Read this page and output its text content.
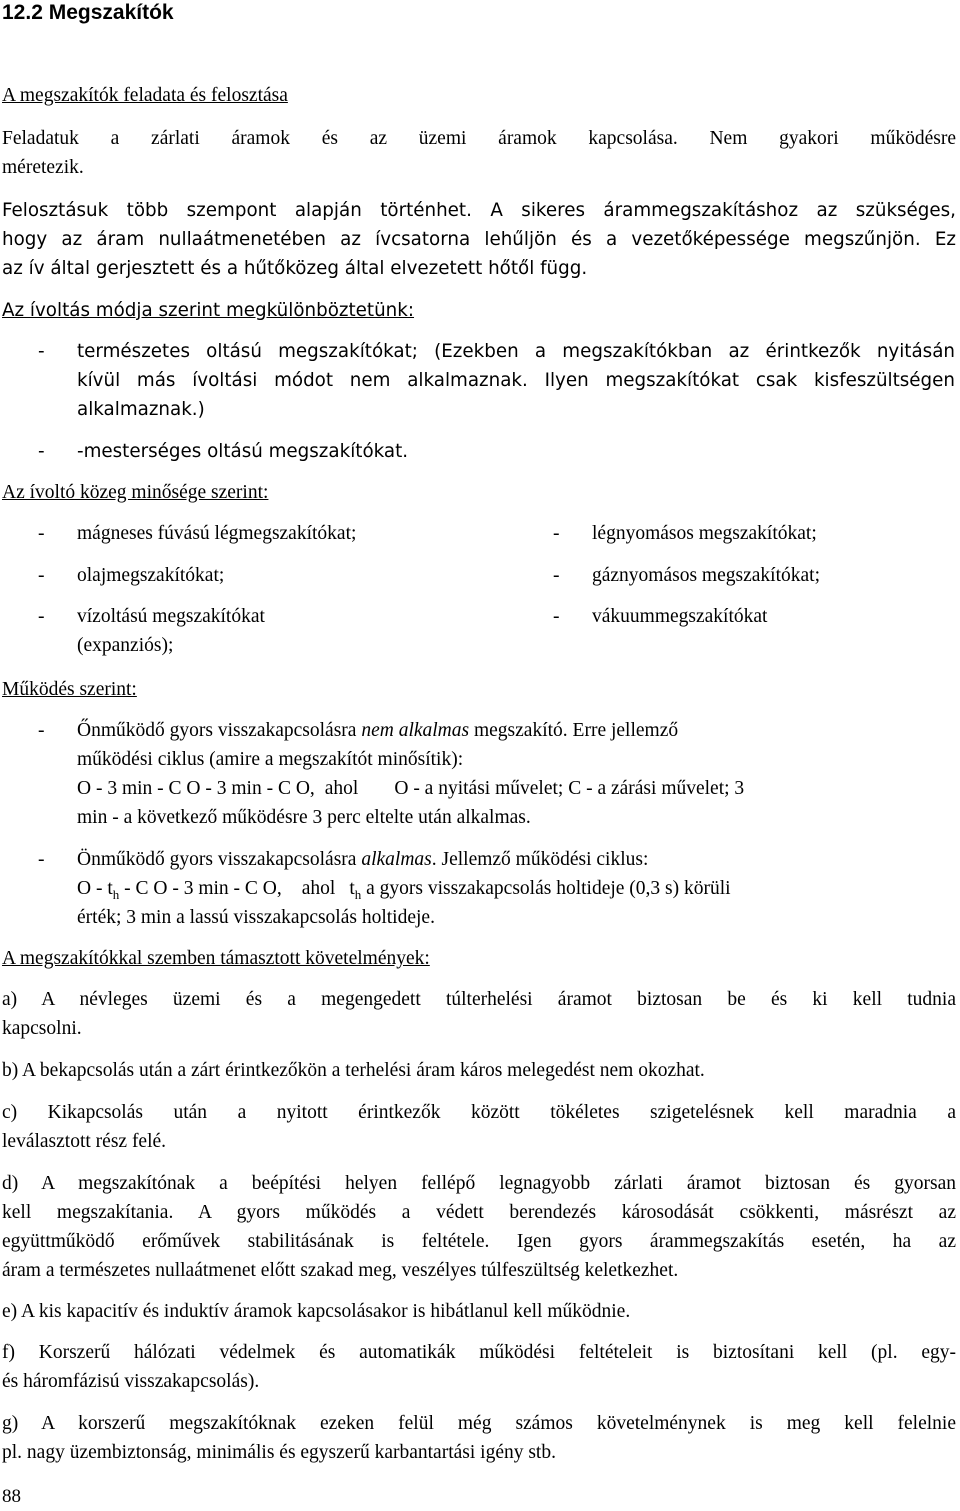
12.2 Megszakítók
A megszakítók feladata és felosztása
Feladatuk a zárlati áramok és az üzemi áramok kapcsolása. Nem gyakori működésre
méretezik.
Felosztásuk több szempont alapján történhet. A sikeres árammegszakításhoz az szükséges,
hogy az áram nullaátmenetében az ívcsatorna lehűljön és a vezetőképessége megszűnjön. Ez
az ív által gerjesztett és a hűtőközeg által elvezetett hőtől függ.
Az ívoltás módja szerint megkülönböztetünk:
- természetes oltású megszakítókat; (Ezekben a megszakítókban az érintkezők nyitásán
kívül más ívoltási módot nem alkalmaznak. Ilyen megszakítókat csak kisfeszültségen
alkalmaznak.)
- -mesterséges oltású megszakítókat.
Az ívoltó közeg minősége szerint:
- mágneses fúvású légmegszakítókat;
- olajmegszakítókat;
- vízoltású megszakítókat
(expanziós);
- légnyomásos megszakítókat;
- gáznyomásos megszakítókat;
- vákuummegszakítókat
Működés szerint:
- Őnműködő gyors visszakapcsolásra nem alkalmas megszakító. Erre jellemző
működési ciklus (amire a megszakítót minősítik):
O - 3 min - C O - 3 min - C O, ahol O - a nyitási művelet; C - a zárási művelet; 3
min - a következő működésre 3 perc eltelte után alkalmas.
- Önműködő gyors visszakapcsolásra alkalmas. Jellemző működési ciklus:
O - $t_h$ - C O - 3 min - C O, ahol $t_h$ a gyors visszakapcsolás holtideje (0,3 s) körüli
érték; 3 min a lassú visszakapcsolás holtideje.
A megszakítókkal szemben támasztott követelmények:
a) A névleges üzemi és a megengedett túlterhelési áramot biztosan be és ki kell tudnia
kapcsolni.
b) A bekapcsolás után a zárt érintkezőkön a terhelési áram káros melegedést nem okozhat.
c) Kikapcsolás után a nyitott érintkezők között tökéletes szigetelésnek kell maradnia a
leválasztott rész felé.
d) A megszakítónak a beépítési helyen fellépő legnagyobb zárlati áramot biztosan és gyorsan
kell megszakítania. A gyors működés a védett berendezés károsodását csökkenti, másrészt az
együttműködő erőművek stabilitásának is feltétele. Igen gyors árammegszakítás esetén, ha az
áram a természetes nullaátmenet előtt szakad meg, veszélyes túlfeszültség keletkezhet.
e) A kis kapacitív és induktív áramok kapcsolásakor is hibátlanul kell működnie.
f) Korszerű hálózati védelmek és automatikák működési feltételeit is biztosítani kell (pl. egy-
és háromfázisú visszakapcsolás).
g) A korszerű megszakítóknak ezeken felül még számos követelménynek is meg kell felelnie
pl. nagy üzembiztonság, minimális és egyszerű karbantartási igény stb.
88
